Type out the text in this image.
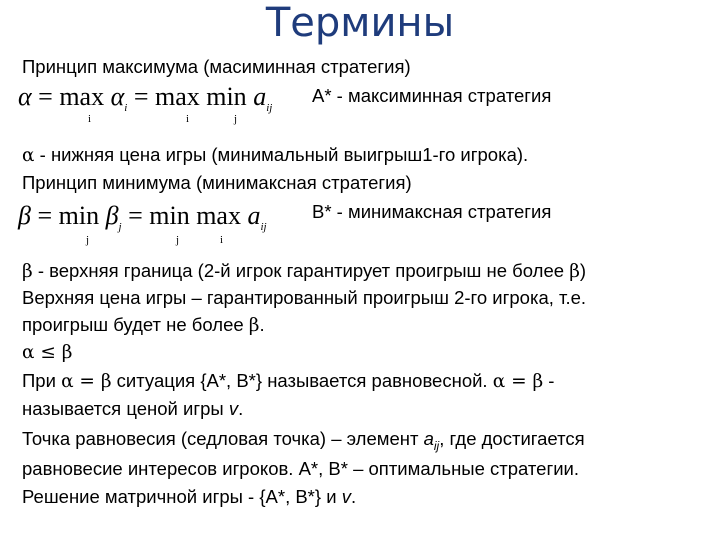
Термины
Принцип максимума (масиминная стратегия)
$\alpha = \max \alpha_i = \max \min a_{ij}$
i	i	j
A* - максиминная стратегия
α - нижняя цена игры (минимальный выигрыш1-го игрока).
Принцип минимума (минимаксная стратегия)
$\beta = \min \beta_j = \min \max a_{ij}$
j	j	i
B* - минимаксная стратегия
β - верхняя граница (2-й игрок гарантирует проигрыш не более β)
Верхняя цена игры – гарантированный проигрыш 2-го игрока, т.е.
проигрыш будет не более β.
α ≤ β
При α = β ситуация {A*, B*} называется равновесной. α = β -
называется ценой игры v.
Точка равновесия (седловая точка) – элемент $a_{ij}$, где достигается
равновесие интересов игроков. A*, B* – оптимальные стратегии.
Решение матричной игры - {A*, B*} и v.
